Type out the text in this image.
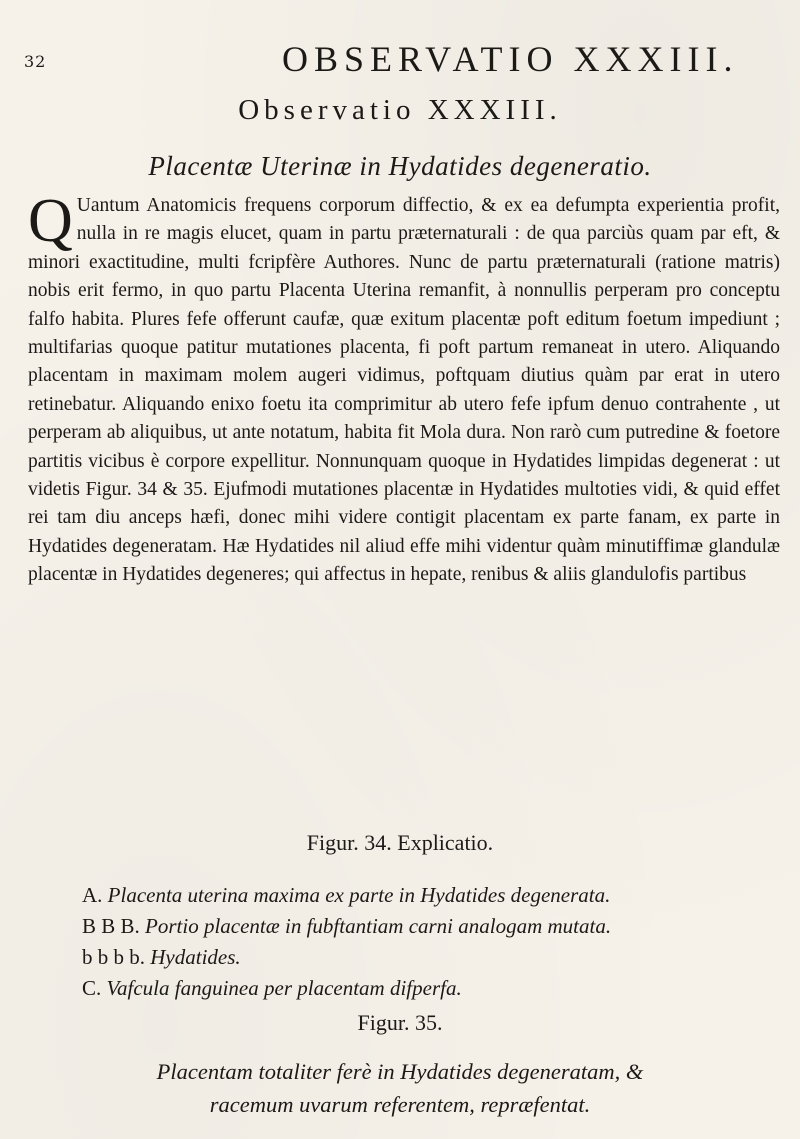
32	OBSERVATIO XXXIII.
Observatio XXXIII.
Placentæ Uterinæ in Hydatides degeneratio.
Q Uantum Anatomicis frequens corporum diffectio, & ex ea defumpta experientia profit, nulla in re magis elucet, quam in partu præternaturali : de qua parciùs quam par eft, & minori exactitudine, multi fcripfère Authores. Nunc de partu præternaturali (ratione matris) nobis erit fermo, in quo partu Placenta Uterina remanfit, à nonnullis perperam pro conceptu falfo habita. Plures fefe offerunt caufæ, quæ exitum placentæ poft editum foetum impediunt ; multifarias quoque patitur mutationes placenta, fi poft partum remaneat in utero. Aliquando placentam in maximam molem augeri vidimus, poftquam diutius quàm par erat in utero retinebatur. Aliquando enixo foetu ita comprimitur ab utero fefe ipfum denuo contrahente , ut perperam ab aliquibus, ut ante notatum, habita fit Mola dura. Non rarò cum putredine & foetore partitis vicibus è corpore expellitur. Nonnunquam quoque in Hydatides limpidas degenerat : ut videtis Figur. 34 & 35. Ejufmodi mutationes placentæ in Hydatides multoties vidi, & quid effet rei tam diu anceps hæfi, donec mihi videre contigit placentam ex parte fanam, ex parte in Hydatides degeneratam. Hæ Hydatides nil aliud effe mihi videntur quàm minutiffimæ glandulæ placentæ in Hydatides degeneres; qui affectus in hepate, renibus & aliis glandulofis partibus
Figur. 34. Explicatio.
A. Placenta uterina maxima ex parte in Hydatides degenerata.
B B B. Portio placentæ in fubftantiam carni analogam mutata.
b b b b. Hydatides.
C. Vafcula fanguinea per placentam difperfa.
Figur. 35.
Placentam totaliter ferè in Hydatides degeneratam, &
racemum uvarum referentem, repræfentat.
